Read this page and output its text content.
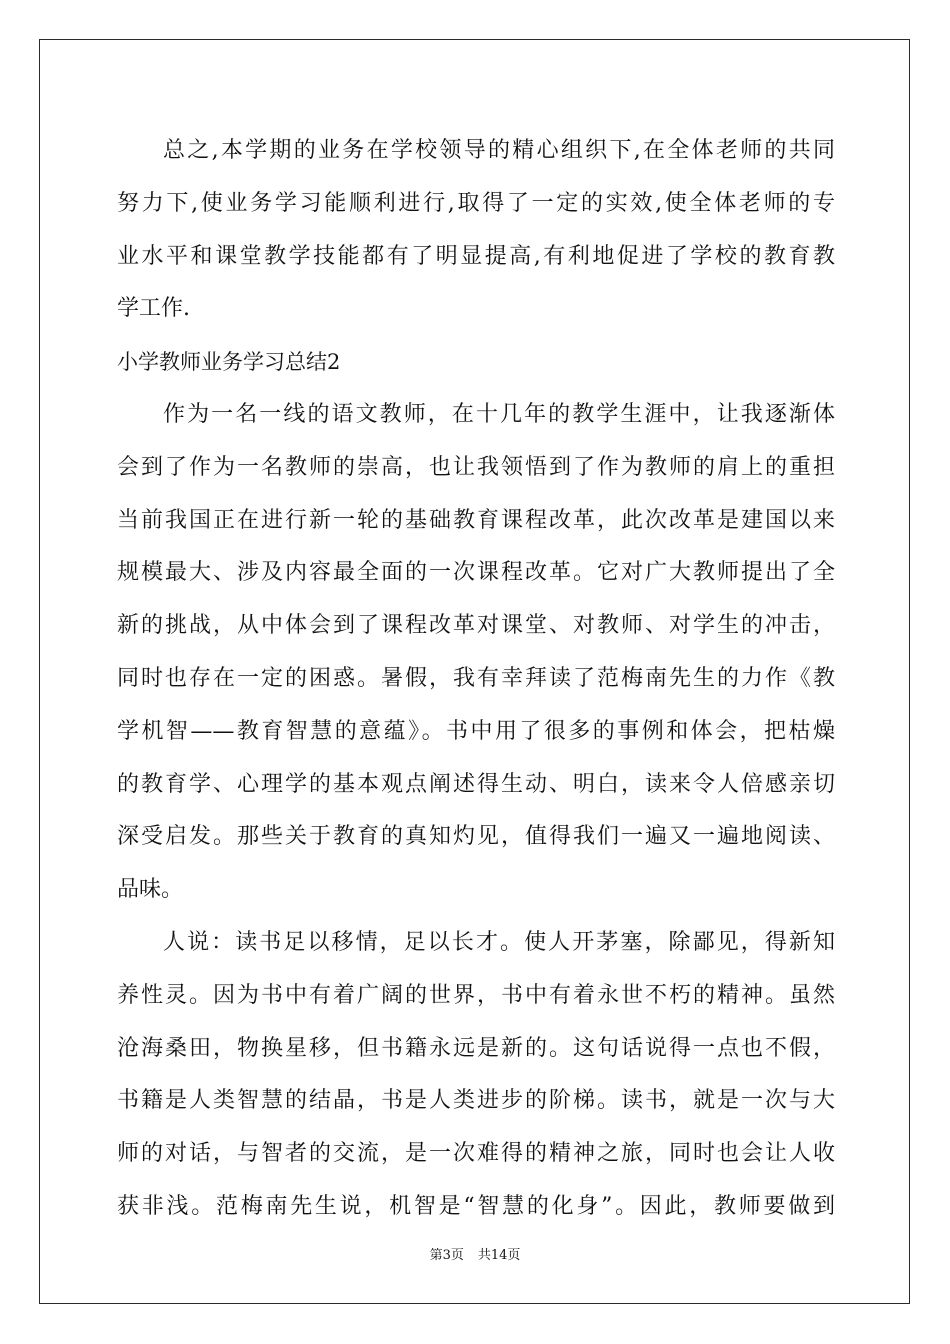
总之,本学期的业务在学校领导的精心组织下,在全体老师的共同
努力下,使业务学习能顺利进行,取得了一定的实效,使全体老师的专
业水平和课堂教学技能都有了明显提高,有利地促进了学校的教育教
学工作.
小学教师业务学习总结2
作为一名一线的语文教师，在十几年的教学生涯中，让我逐渐体
会到了作为一名教师的崇高，也让我领悟到了作为教师的肩上的重担
当前我国正在进行新一轮的基础教育课程改革，此次改革是建国以来
规模最大、涉及内容最全面的一次课程改革。它对广大教师提出了全
新的挑战，从中体会到了课程改革对课堂、对教师、对学生的冲击，
同时也存在一定的困惑。暑假，我有幸拜读了范梅南先生的力作《教
学机智——教育智慧的意蕴》。书中用了很多的事例和体会，把枯燥
的教育学、心理学的基本观点阐述得生动、明白，读来令人倍感亲切
深受启发。那些关于教育的真知灼见，值得我们一遍又一遍地阅读、
品味。
人说：读书足以移情，足以长才。使人开茅塞，除鄙见，得新知
养性灵。因为书中有着广阔的世界，书中有着永世不朽的精神。虽然
沧海桑田，物换星移，但书籍永远是新的。这句话说得一点也不假，
书籍是人类智慧的结晶，书是人类进步的阶梯。读书，就是一次与大
师的对话，与智者的交流，是一次难得的精神之旅，同时也会让人收
获非浅。范梅南先生说，机智是“智慧的化身”。因此，教师要做到
第3页 共14页
